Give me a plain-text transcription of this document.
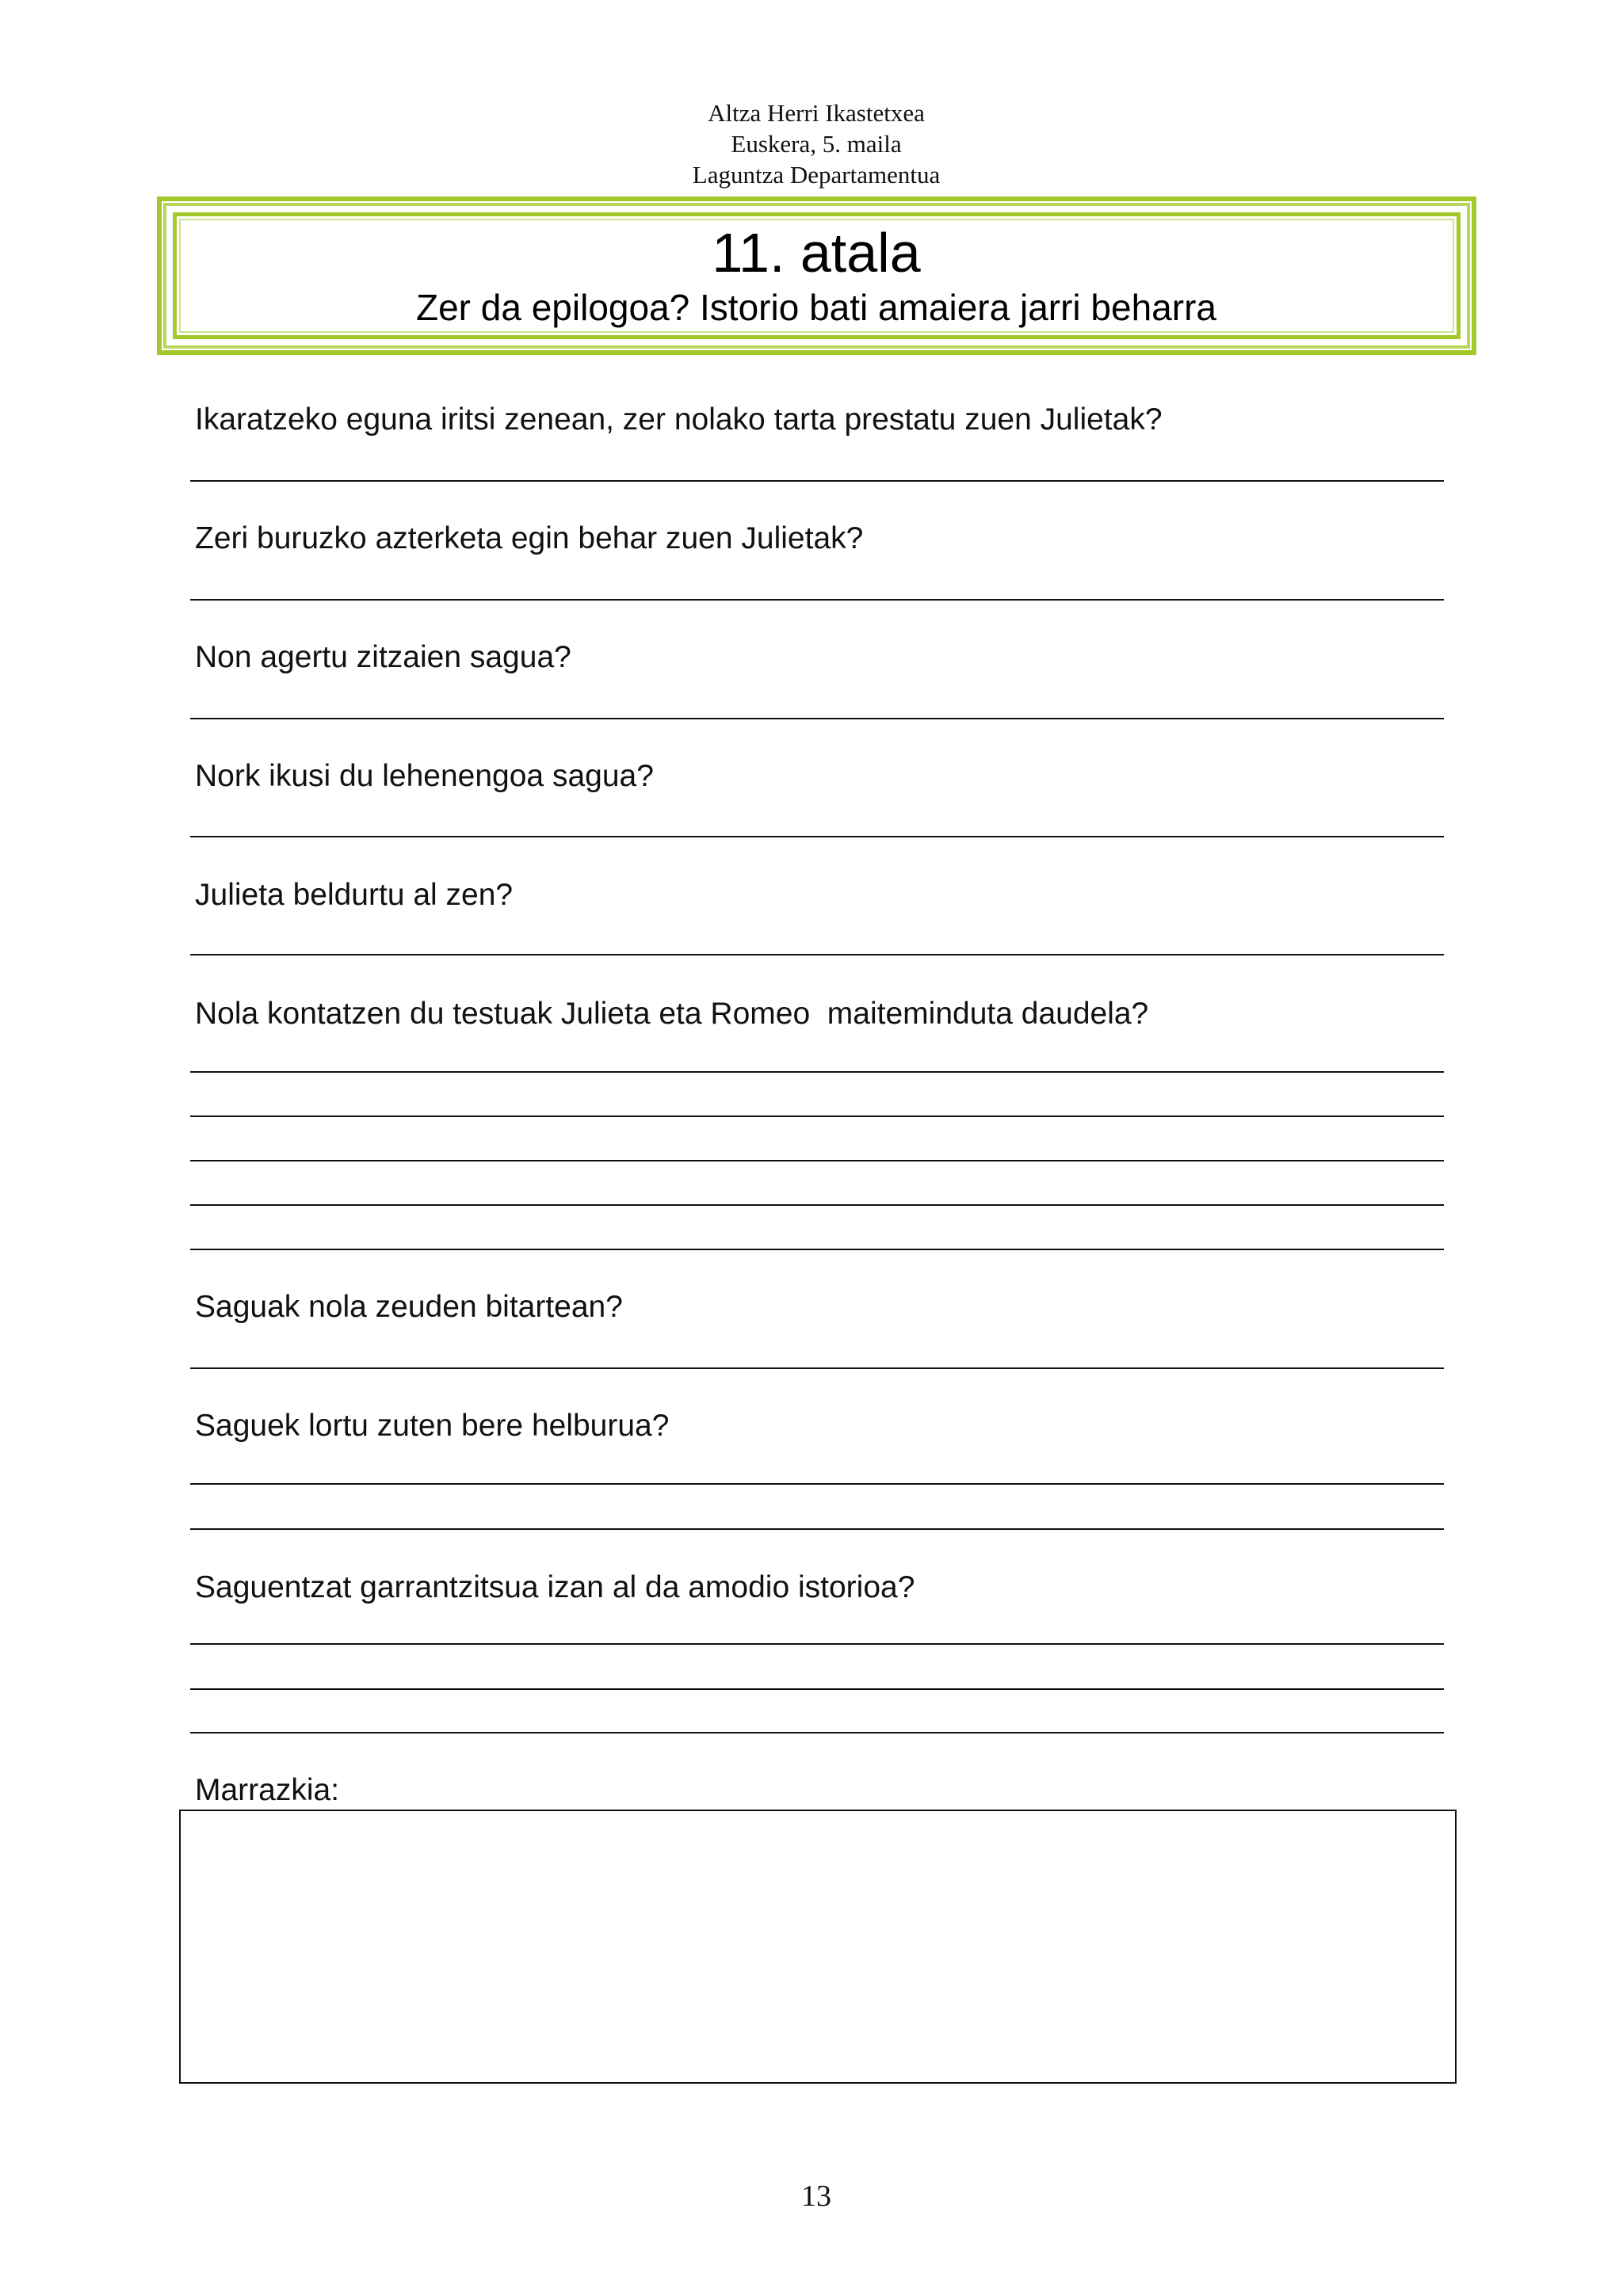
Altza Herri Ikastetxea
Euskera, 5. maila
Laguntza Departamentua
11. atala
Zer da epilogoa? Istorio bati amaiera jarri beharra
Ikaratzeko eguna iritsi zenean, zer nolako tarta prestatu zuen Julietak?
Zeri buruzko azterketa egin behar zuen Julietak?
Non agertu zitzaien sagua?
Nork ikusi du lehenengoa sagua?
Julieta beldurtu al zen?
Nola kontatzen du testuak Julieta eta Romeo  maiteminduta daudela?
Saguak nola zeuden bitartean?
Saguek lortu zuten bere helburua?
Saguentzat garrantzitsua izan al da amodio istorioa?
Marrazkia:
13
